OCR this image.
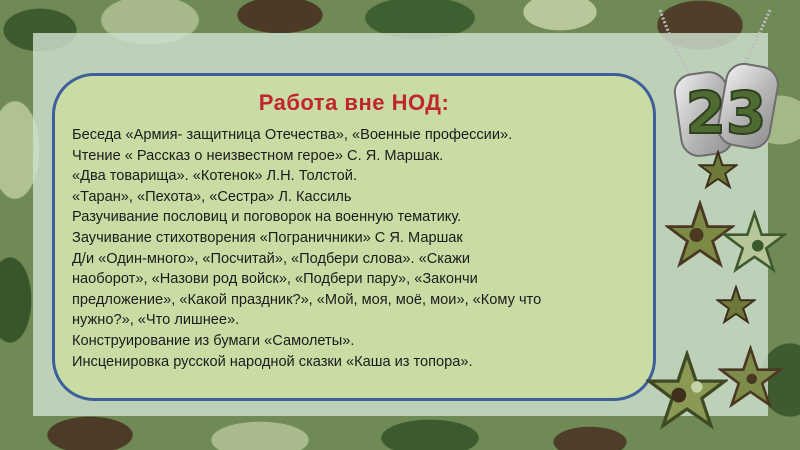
Работа вне НОД:

Беседа «Армия- защитница Отечества», «Военные профессии».

Чтение « Рассказ о неизвестном герое» С. Я. Маршак.

«Два товарища». «Котенок» Л.Н. Толстой.

«Таран», «Пехота», «Сестра» Л. Кассиль

Разучивание пословиц и поговорок на военную тематику.

Заучивание стихотворения «Пограничники» С Я. Маршак

Д/и «Один-много», «Посчитай», «Подбери слова». «Скажи

наоборот», «Назови род войск», «Подбери пару», «Закончи

предложение», «Какой праздник?», «Мой, моя, моё, мои», «Кому что

нужно?», «Что лишнее».

Конструирование из бумаги «Самолеты».

Инсценировка русской народной сказки «Каша из топора».

23
